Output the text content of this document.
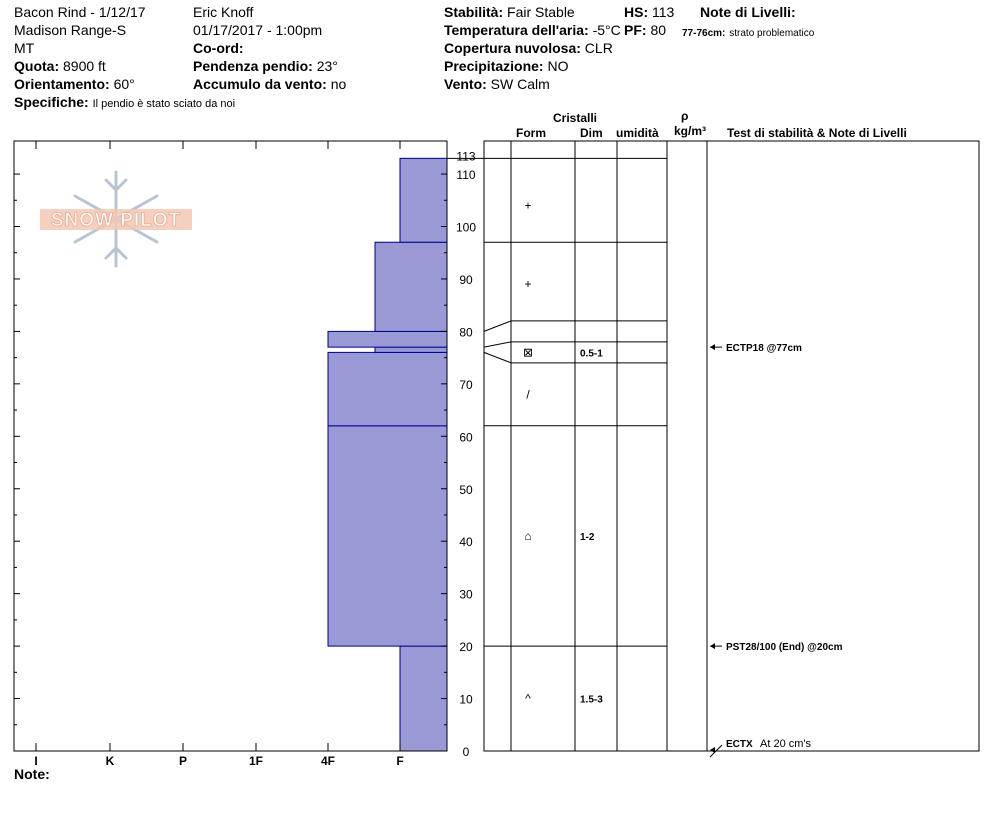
Bacon Rind - 1/12/17
Madison Range-S
MT
Quota: 8900 ft
Orientamento: 60°
Specifiche: Il pendio è stato sciato da noi
Eric Knoff
01/17/2017 - 1:00pm
Co-ord:
Pendenza pendio: 23°
Accumulo da vento: no
Stabilità: Fair Stable
Temperatura dell'aria: -5°C
Copertura nuvolosa: CLR
Precipitazione: NO
Vento: SW Calm
HS: 113
PF: 80
Note di Livelli:
77-76cm: strato problematico
Cristalli
Form	Dim umidità
ρ
kg/m³ Test di stabilità & Note di Livelli
SNOW PILOT
I	K	P	1F	4F	F
0
10
20
30
40
50
60
70
80
90
100
110
113
+
+
⊠	0.5-1
/
⌂	1-2
^	1.5-3
ECTP18 @77cm
PST28/100 (End) @20cm
ECTX At 20 cm's
Note:
